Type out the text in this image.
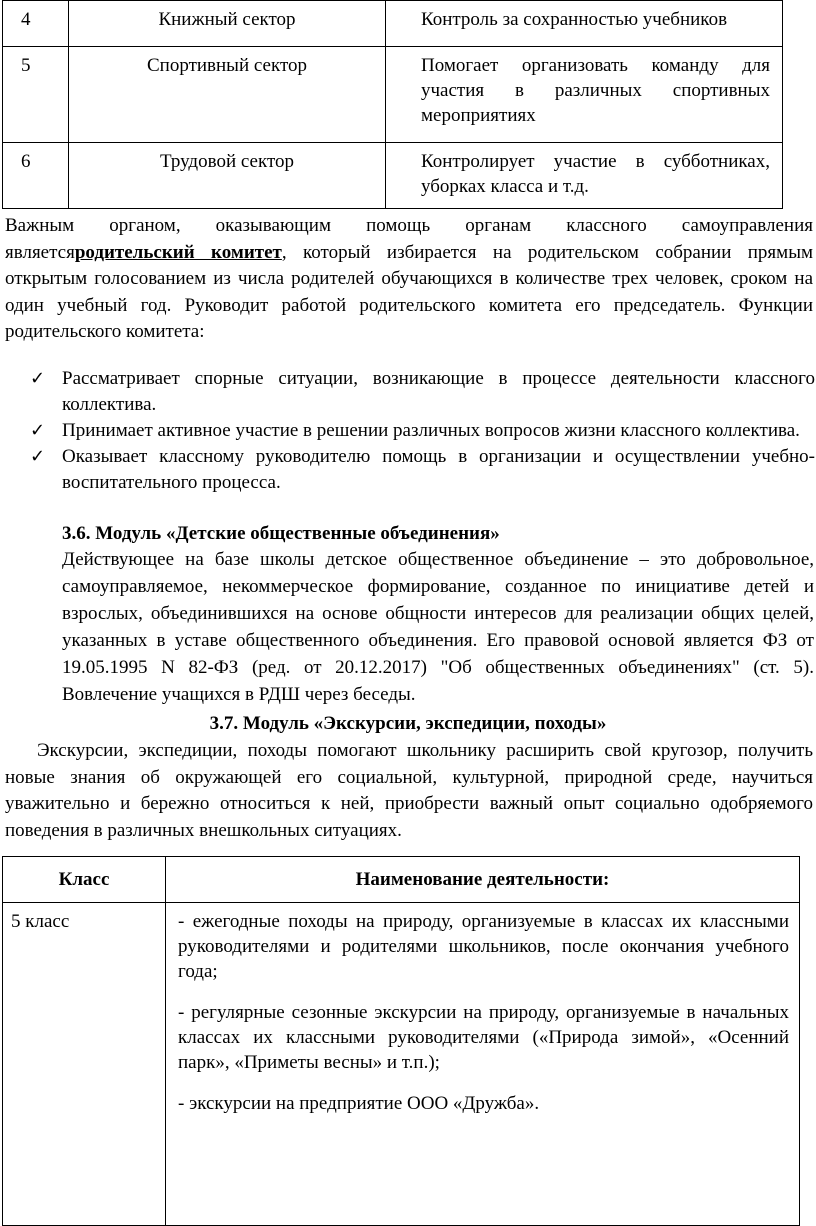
4	Книжный сектор	Контроль за сохранностью учебников
5	Спортивный сектор	Помогает организовать команду для участия в различных спортивных мероприятиях
6	Трудовой сектор	Контролирует участие в субботниках, уборках класса и т.д.

Важным органом, оказывающим помощь органам классного самоуправления являетсяродительский комитет, который избирается на родительском собрании прямым открытым голосованием из числа родителей обучающихся в количестве трех человек, сроком на один учебный год. Руководит работой родительского комитета его председатель. Функции родительского комитета:

✓ Рассматривает спорные ситуации, возникающие в процессе деятельности классного коллектива.
✓ Принимает активное участие в решении различных вопросов жизни классного коллектива.
✓ Оказывает классному руководителю помощь в организации и осуществлении учебно-воспитательного процесса.
3.6. Модуль «Детские общественные объединения»

Действующее на базе школы детское общественное объединение – это добровольное, самоуправляемое, некоммерческое формирование, созданное по инициативе детей и взрослых, объединившихся на основе общности интересов для реализации общих целей, указанных в уставе общественного объединения. Его правовой основой является ФЗ от 19.05.1995 N 82-ФЗ (ред. от 20.12.2017) "Об общественных объединениях" (ст. 5). Вовлечение учащихся в РДШ через беседы.

3.7. Модуль «Экскурсии, экспедиции, походы»

Экскурсии, экспедиции, походы помогают школьнику расширить свой кругозор, получить новые знания об окружающей его социальной, культурной, природной среде, научиться уважительно и бережно относиться к ней, приобрести важный опыт социально одобряемого поведения в различных внешкольных ситуациях.

Класс	Наименование деятельности:
5 класс	- ежегодные походы на природу, организуемые в классах их классными руководителями и родителями школьников, после окончания учебного года;

- регулярные сезонные экскурсии на природу, организуемые в начальных классах их классными руководителями («Природа зимой», «Осенний парк», «Приметы весны» и т.п.);

- экскурсии на предприятие ООО «Дружба».
